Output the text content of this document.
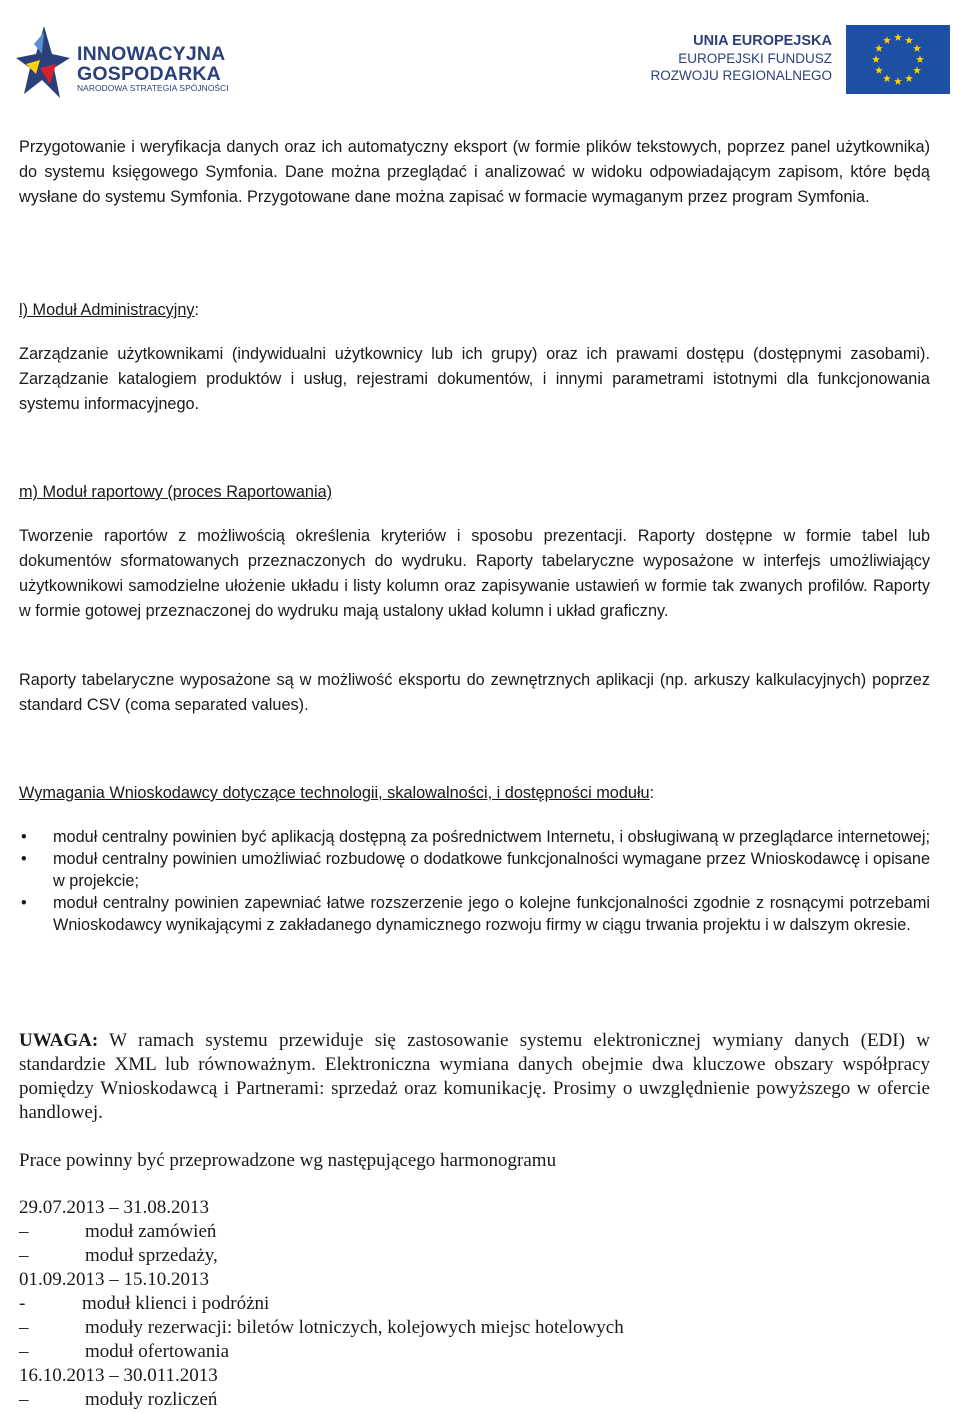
INNOWACYJNA
GOSPODARKA
NARODOWA STRATEGIA SPÓJNOŚCI
UNIA EUROPEJSKA
EUROPEJSKI FUNDUSZ
ROZWOJU REGIONALNEGO

Przygotowanie i weryfikacja danych oraz ich automatyczny eksport (w formie plików tekstowych, poprzez panel użytkownika) do systemu księgowego Symfonia. Dane można przeglądać i analizować w widoku odpowiadającym zapisom, które będą wysłane do systemu Symfonia. Przygotowane dane można zapisać w formacie wymaganym przez program Symfonia.

l) Moduł Administracyjny:

Zarządzanie użytkownikami (indywidualni użytkownicy lub ich grupy) oraz ich prawami dostępu (dostępnymi zasobami). Zarządzanie katalogiem produktów i usług, rejestrami dokumentów, i innymi parametrami istotnymi dla funkcjonowania systemu informacyjnego.

m) Moduł raportowy (proces Raportowania)

Tworzenie raportów z możliwością określenia kryteriów i sposobu prezentacji. Raporty dostępne w formie tabel lub dokumentów sformatowanych przeznaczonych do wydruku. Raporty tabelaryczne wyposażone w interfejs umożliwiający użytkownikowi samodzielne ułożenie układu i listy kolumn oraz zapisywanie ustawień w formie tak zwanych profilów. Raporty w formie gotowej przeznaczonej do wydruku mają ustalony układ kolumn i układ graficzny.

Raporty tabelaryczne wyposażone są w możliwość eksportu do zewnętrznych aplikacji (np. arkuszy kalkulacyjnych) poprzez standard CSV (coma separated values).

Wymagania Wnioskodawcy dotyczące technologii, skalowalności, i dostępności modułu:

• moduł centralny powinien być aplikacją dostępną za pośrednictwem Internetu, i obsługiwaną w przeglądarce internetowej;
• moduł centralny powinien umożliwiać rozbudowę o dodatkowe funkcjonalności wymagane przez Wnioskodawcę i opisane w projekcie;
• moduł centralny powinien zapewniać łatwe rozszerzenie jego o kolejne funkcjonalności zgodnie z rosnącymi potrzebami Wnioskodawcy wynikającymi z zakładanego dynamicznego rozwoju firmy w ciągu trwania projektu i w dalszym okresie.

UWAGA: W ramach systemu przewiduje się zastosowanie systemu elektronicznej wymiany danych (EDI) w standardzie XML lub równoważnym. Elektroniczna wymiana danych obejmie dwa kluczowe obszary współpracy pomiędzy Wnioskodawcą i Partnerami: sprzedaż oraz komunikację. Prosimy o uwzględnienie powyższego w ofercie handlowej.

Prace powinny być przeprowadzone wg następującego harmonogramu

29.07.2013 – 31.08.2013
–	moduł zamówień
–	moduł sprzedaży,
01.09.2013 – 15.10.2013
-	moduł klienci i podróżni
–	moduły rezerwacji: biletów lotniczych, kolejowych miejsc hotelowych
–	moduł ofertowania
16.10.2013 – 30.011.2013
–	moduły rozliczeń
